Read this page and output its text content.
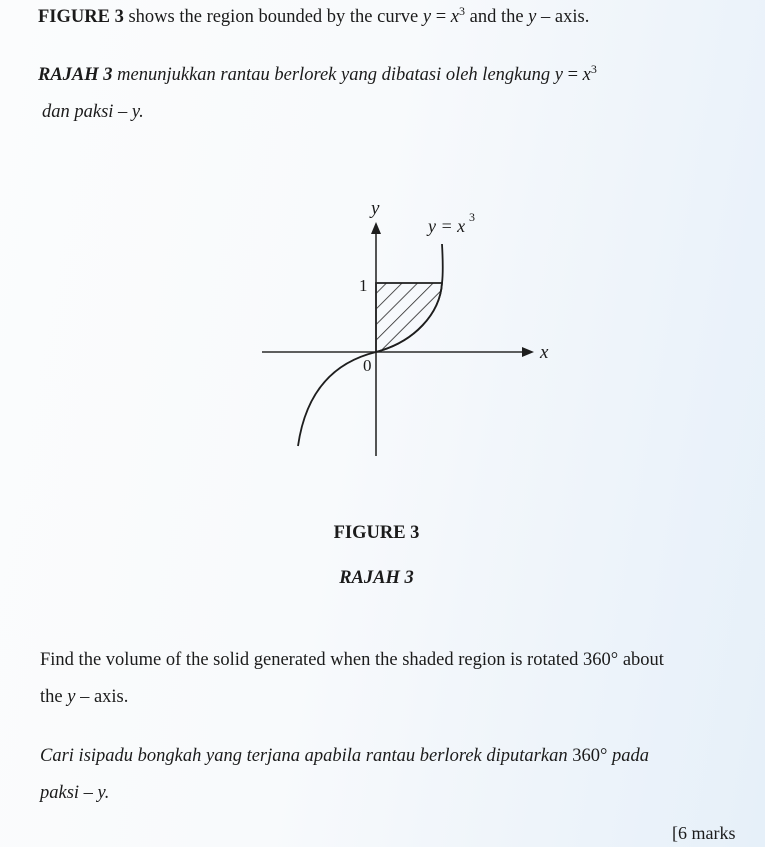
FIGURE 3 shows the region bounded by the curve $y = x^3$ and the y – axis.
RAJAH 3 menunjukkan rantau berlorek yang dibatasi oleh lengkung $y = x^3$
dan paksi – y.
y
x
1
0
y = x 3
FIGURE 3
RAJAH 3
Find the volume of the solid generated when the shaded region is rotated 360° about
the y – axis.
Cari isipadu bongkah yang terjana apabila rantau berlorek diputarkan 360° pada
paksi – y.
[6 marks
